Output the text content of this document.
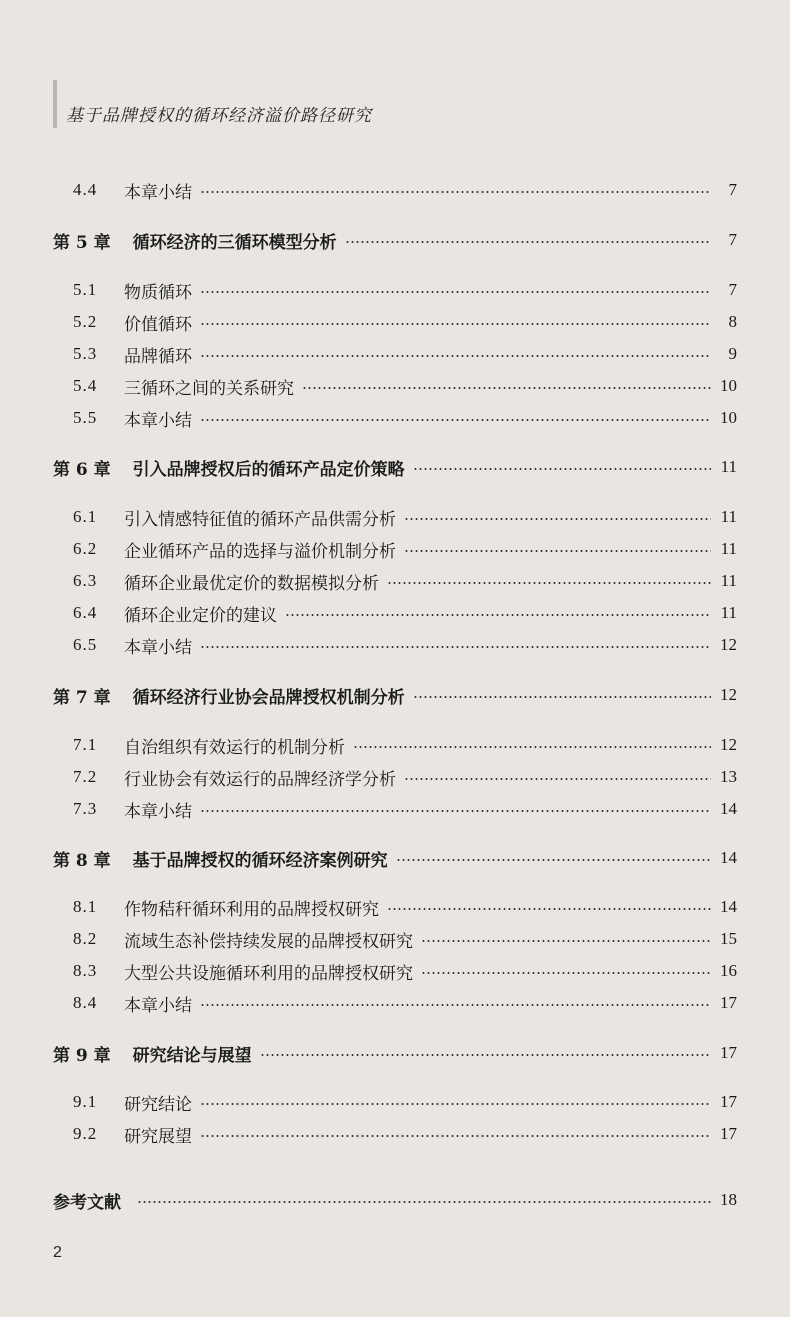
基于品牌授权的循环经济溢价路径研究
4.4	本章小结	7
第 5 章 循环经济的三循环模型分析	7
5.1	物质循环	7
5.2	价值循环	8
5.3	品牌循环	9
5.4	三循环之间的关系研究	10
5.5	本章小结	10
第 6 章 引入品牌授权后的循环产品定价策略	11
6.1	引入情感特征值的循环产品供需分析	11
6.2	企业循环产品的选择与溢价机制分析	11
6.3	循环企业最优定价的数据模拟分析	11
6.4	循环企业定价的建议	11
6.5	本章小结	12
第 7 章 循环经济行业协会品牌授权机制分析	12
7.1	自治组织有效运行的机制分析	12
7.2	行业协会有效运行的品牌经济学分析	13
7.3	本章小结	14
第 8 章 基于品牌授权的循环经济案例研究	14
8.1	作物秸秆循环利用的品牌授权研究	14
8.2	流域生态补偿持续发展的品牌授权研究	15
8.3	大型公共设施循环利用的品牌授权研究	16
8.4	本章小结	17
第 9 章 研究结论与展望	17
9.1	研究结论	17
9.2	研究展望	17
参考文献	18
2
